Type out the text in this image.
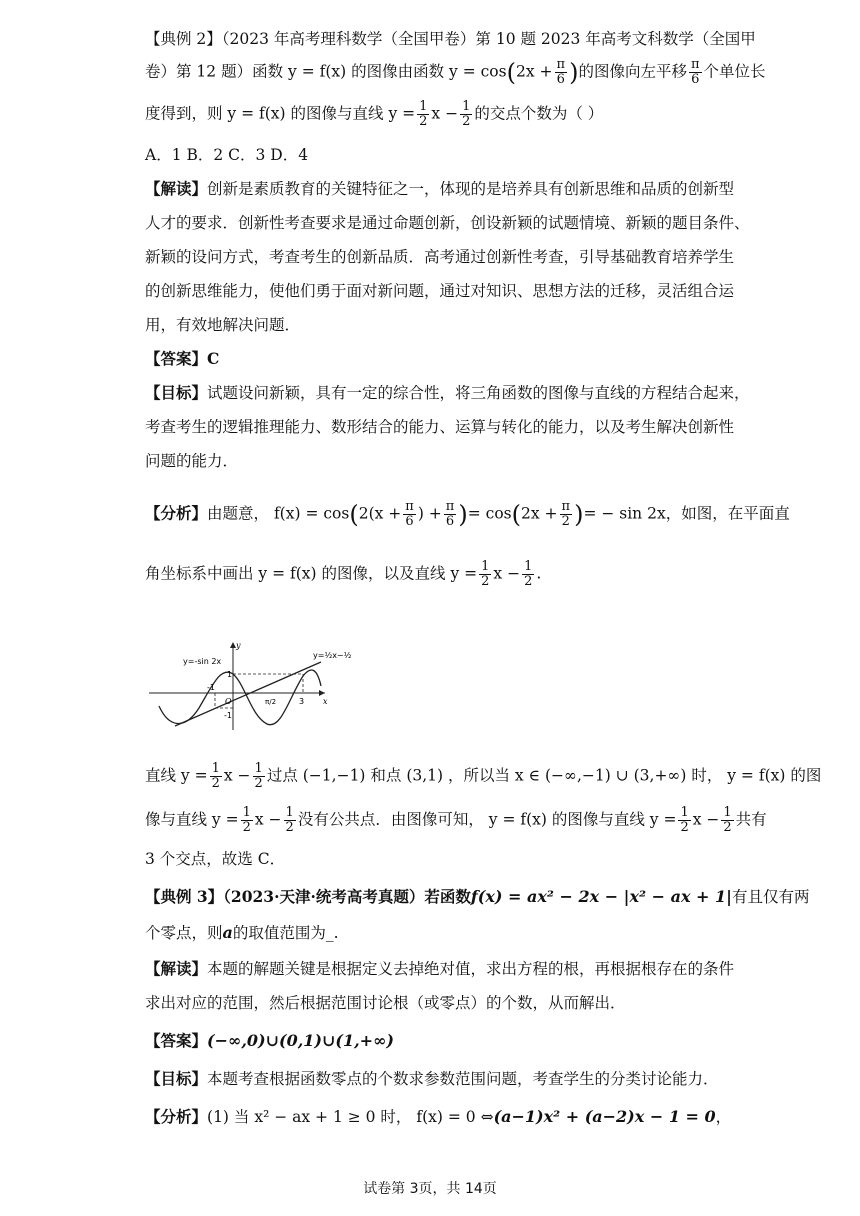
【典例 2】（2023 年高考理科数学（全国甲卷）第 10 题 2023 年高考文科数学（全国甲
卷）第 12 题）函数 y = f(x) 的图像由函数 $y = \cos(2x + \frac{\pi}{6}$ )的图像向左平移 $\frac{\pi}{6}$ 个单位长
度得到，则 y = f(x) 的图像与直线 $y = \frac{1}{2}$ $x - \frac{1}{2}$ 的交点个数为（ ）
A．1 B．2 C．3 D．4
【解读】创新是素质教育的关键特征之一，体现的是培养具有创新思维和品质的创新型
人才的要求．创新性考查要求是通过命题创新，创设新颖的试题情境、新颖的题目条件、
新颖的设问方式，考查考生的创新品质．高考通过创新性考查，引导基础教育培养学生
的创新思维能力，使他们勇于面对新问题，通过对知识、思想方法的迁移，灵活组合运
用，有效地解决问题．
【答案】C
【目标】试题设问新颖，具有一定的综合性，将三角函数的图像与直线的方程结合起来，
考查考生的逻辑推理能力、数形结合的能力、运算与转化的能力，以及考生解决创新性
问题的能力．
【分析】由题意， $f(x) = \cos(2(x + \frac{\pi}{6}$ ) + $\frac{\pi}{6}$ )= $\cos(2x + \frac{\pi}{2}$ )= − sin 2x，如图，在平面直
角坐标系中画出 y = f(x) 的图像，以及直线 $y = \frac{1}{2}$ $x - \frac{1}{2}$ .
y=-sin 2x
y=½x−½
y
x
O
1
-1
-1
π/2	3
直线 $y = \frac{1}{2}$ $x - \frac{1}{2}$ 过点 (−1,−1) 和点 (3,1) ，所以当 x ∈ (−∞,−1) ∪ (3,+∞) 时， y = f(x) 的图
像与直线 $y = \frac{1}{2}$ $x - \frac{1}{2}$ 没有公共点．由图像可知， y = f(x) 的图像与直线 $y = \frac{1}{2}$ $x - \frac{1}{2}$ 共有
3 个交点，故选 C．
【典例 3】（2023·天津·统考高考真题）若函数f(x) = ax² − 2x − |x² − ax + 1|有且仅有两
个零点，则a的取值范围为_.
【解读】本题的解题关键是根据定义去掉绝对值，求出方程的根，再根据根存在的条件
求出对应的范围，然后根据范围讨论根（或零点）的个数，从而解出．
【答案】(−∞,0)∪(0,1)∪(1,+∞)
【目标】本题考查根据函数零点的个数求参数范围问题，考查学生的分类讨论能力．
【分析】(1) 当 x² − ax + 1 ≥ 0 时， f(x) = 0 ⇔(a−1)x² + (a−2)x − 1 = 0，
试卷第 3页，共 14页
